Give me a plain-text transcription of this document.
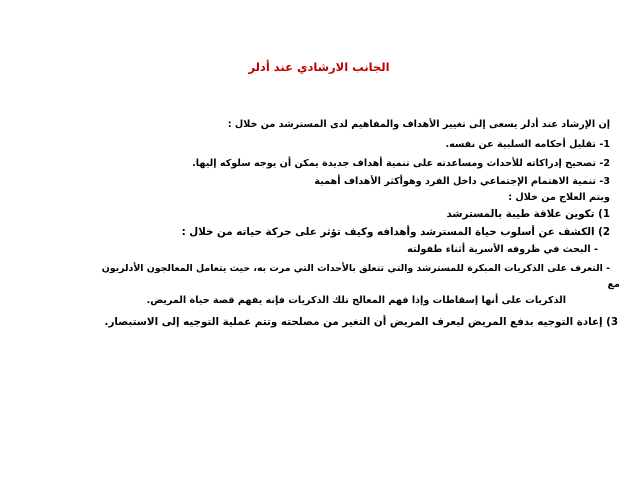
الجانب الارشادي عند أدلر
إن الإرشاد عند أدلر يسعى إلى تغيير الأهداف والمفاهيم لدى المسترشد من خلال :
1- تقليل أحكامه السلبية عن نفسه.
2- تصحيح إدراكاته للأحداث ومساعدته على تنمية أهداف جديدة يمكن أن يوجه سلوكه إليها.
3- تنمية الاهتمام الإجتماعي داخل الفرد وهوأكثر الأهداف أهمية
ويتم العلاج من خلال :
1) تكوين علاقة طيبة بالمسترشد
2) الكشف عن أسلوب حياة المسترشد وأهدافه وكيف تؤثر على حركة حياته من خلال :
- البحث في ظروفه الأسرية أثناء طفولته
- التعرف على الذكريات المبكرة للمسترشد والتي تتعلق بالأحداث التي مرت به، حيث يتعامل المعالجون الأدلريون
مع
الذكريات على أنها إسقاطات وإذا فهم المعالج تلك الذكريات فإنه يفهم قصة حياة المريض.
3) إعادة التوجيه بدفع المريض ليعرف المريض أن التغير من مصلحته وتتم عملية التوجيه إلى الاستبصار.
